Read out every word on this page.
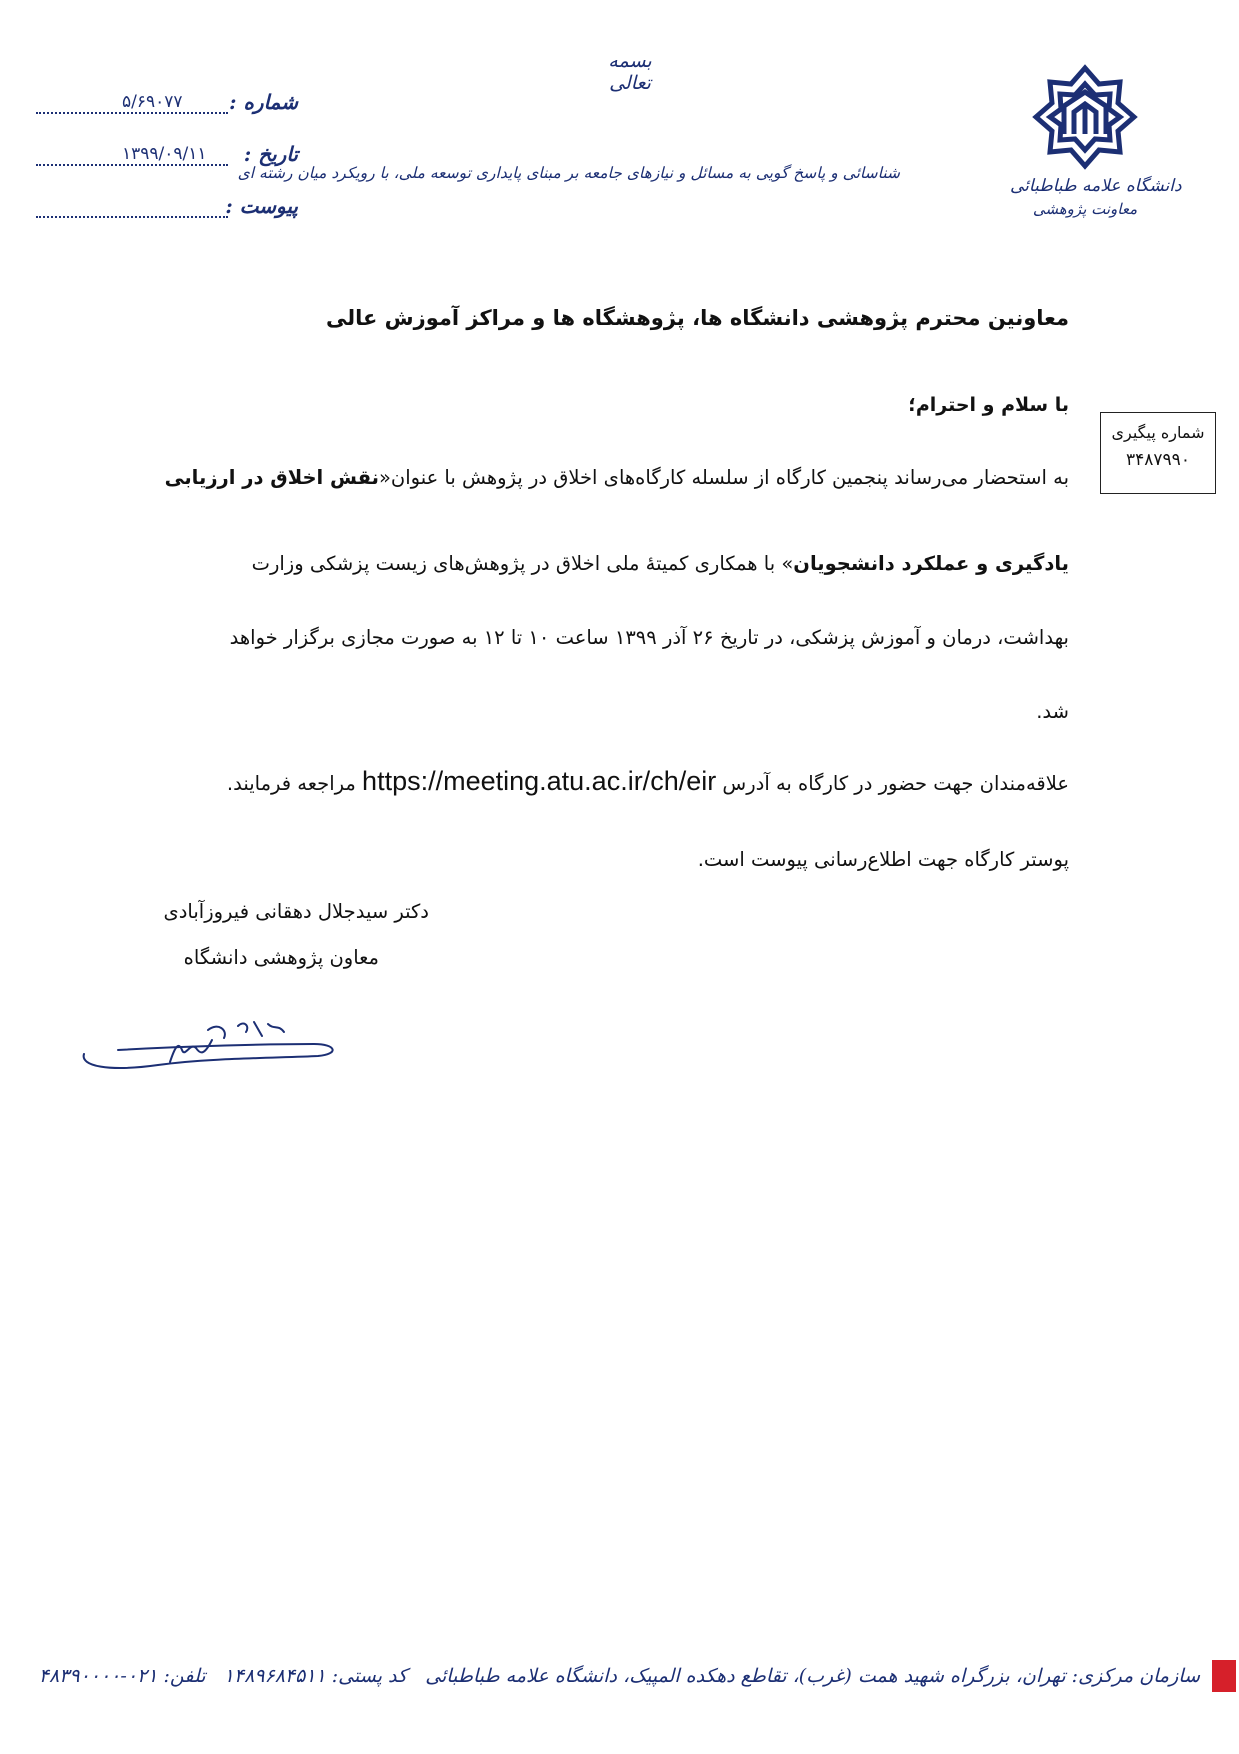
دانشگاه علامه طباطبائی
معاونت پژوهشی
بسمه تعالی
شناسائی و پاسخ گویی به مسائل و نیازهای جامعه بر مبنای پایداری توسعه ملی، با رویکرد میان رشته ای
شماره :
۵/۶۹۰۷۷
تاریخ :
۱۳۹۹/۰۹/۱۱
پیوست :
معاونین محترم پژوهشی دانشگاه ها، پژوهشگاه ها و مراکز آموزش عالی
با سلام و احترام؛
شماره پیگیری
۳۴۸۷۹۹۰
به استحضار می‌رساند پنجمین کارگاه از سلسله کارگاه‌های اخلاق در پژوهش با عنوان«نقش اخلاق در ارزیابی
یادگیری و عملکرد دانشجویان» با همکاری کمیتهٔ ملی اخلاق در پژوهش‌های زیست پزشکی وزارت
بهداشت، درمان و آموزش پزشکی، در تاریخ ۲۶ آذر ۱۳۹۹ ساعت ۱۰ تا ۱۲ به صورت مجازی برگزار خواهد
شد.
علاقه‌مندان جهت حضور در کارگاه به آدرس https://meeting.atu.ac.ir/ch/eir مراجعه فرمایند.
پوستر کارگاه جهت اطلاع‌رسانی پیوست است.
دکتر سیدجلال دهقانی فیروزآبادی
معاون پژوهشی دانشگاه
سازمان مرکزی: تهران، بزرگراه شهید همت (غرب)، تقاطع دهکده المپیک، دانشگاه علامه طباطبائی   کد پستی: ۱۴۸۹۶۸۴۵۱۱   تلفن: ۰۲۱-۴۸۳۹۰۰۰۰
